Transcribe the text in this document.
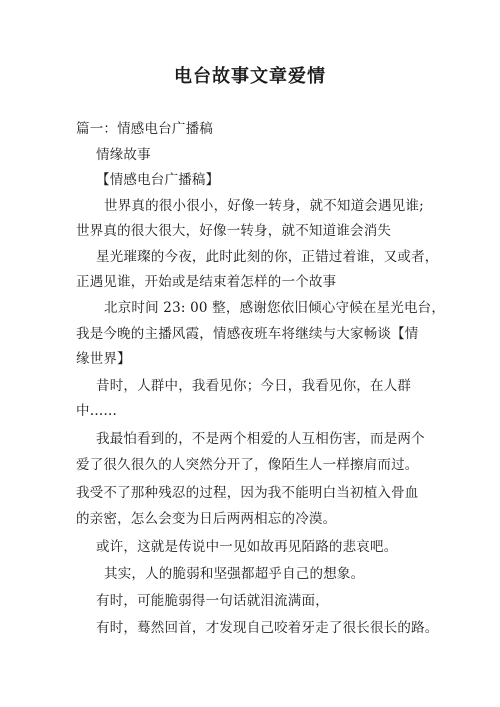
电台故事文章爱情
篇一：情感电台广播稿
情缘故事
【情感电台广播稿】
世界真的很小很小，好像一转身，就不知道会遇见谁;
世界真的很大很大，好像一转身，就不知道谁会消失
星光璀璨的今夜，此时此刻的你，正错过着谁，又或者，
正遇见谁，开始或是结束着怎样的一个故事
北京时间 23: 00 整，感谢您依旧倾心守候在星光电台，
我是今晚的主播风霞，情感夜班车将继续与大家畅谈【情
缘世界】
昔时，人群中，我看见你；今日，我看见你，在人群
中……
我最怕看到的，不是两个相爱的人互相伤害，而是两个
爱了很久很久的人突然分开了，像陌生人一样擦肩而过。
我受不了那种残忍的过程，因为我不能明白当初植入骨血
的亲密，怎么会变为日后两两相忘的冷漠。
或许，这就是传说中一见如故再见陌路的悲哀吧。
其实，人的脆弱和坚强都超乎自己的想象。
有时，可能脆弱得一句话就泪流满面，
有时，蓦然回首，才发现自己咬着牙走了很长很长的路。
